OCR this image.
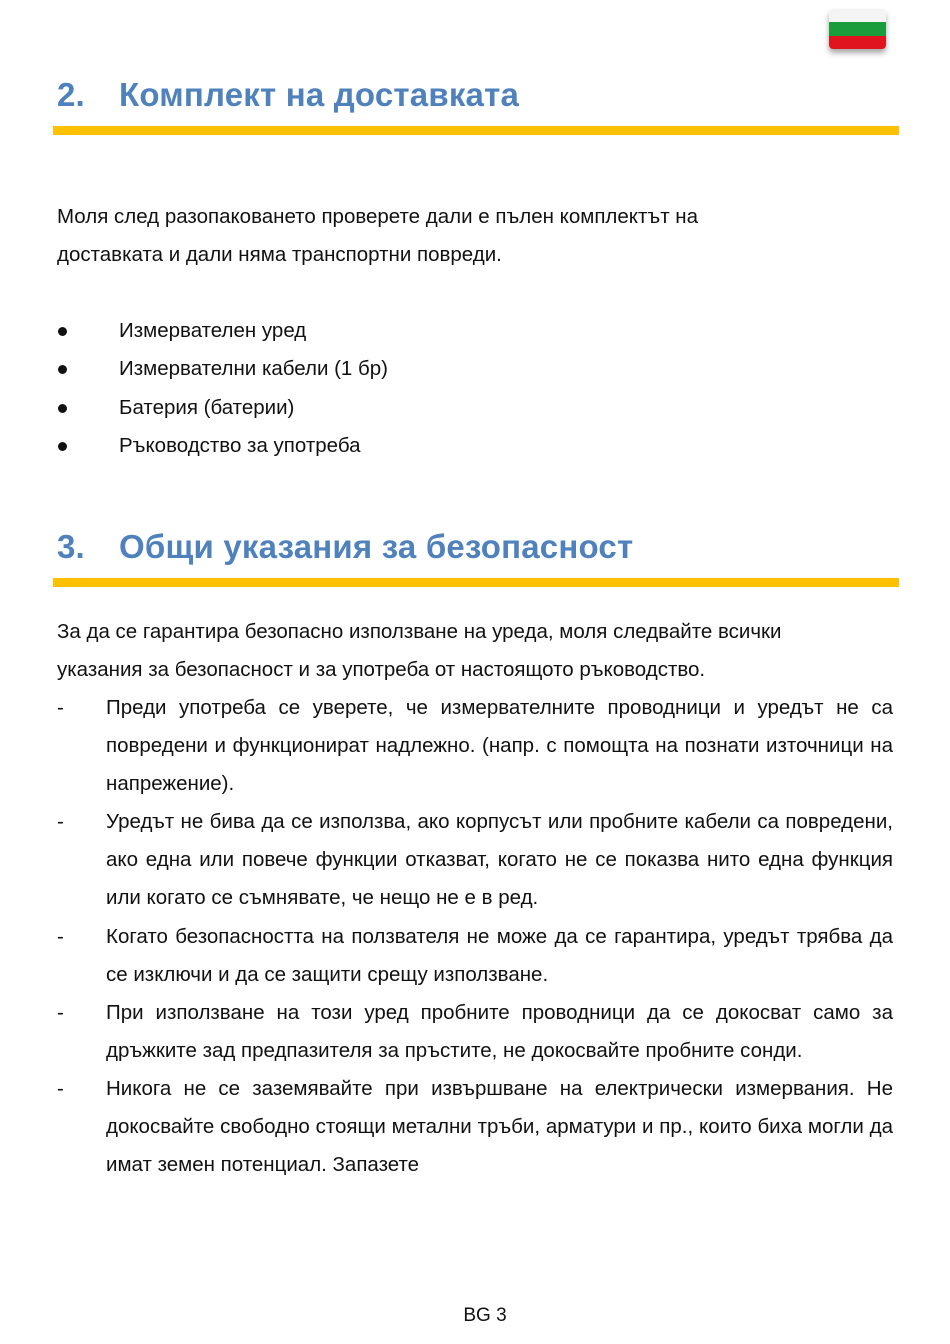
2. Комплект на доставката

Моля след разопаковането проверете дали е пълен комплектът на
доставката и дали няма транспортни повреди.

Измервателен уред
Измервателни кабели (1 бр)
Батерия (батерии)
Ръководство за употреба
3. Общи указания за безопасност

За да се гарантира безопасно използване на уреда, моля следвайте всички
указания за безопасност и за употреба от настоящото ръководство.

- Преди употреба се уверете, че измервателните проводници и уредът не са повредени и функционират надлежно. (напр. с помощта на познати източници на напрежение).
- Уредът не бива да се използва, ако корпусът или пробните кабели са повредени, ако една или повече функции отказват, когато не се показва нито една функция или когато се съмнявате, че нещо не е в ред.
- Когато безопасността на ползвателя не може да се гарантира, уредът трябва да се изключи и да се защити срещу използване.
- При използване на този уред пробните проводници да се докосват само за дръжките зад предпазителя за пръстите, не докосвайте пробните сонди.
- Никога не се заземявайте при извършване на електрически измервания. Не докосвайте свободно стоящи метални тръби, арматури и пр., които биха могли да имат земен потенциал. Запазете
BG 3
